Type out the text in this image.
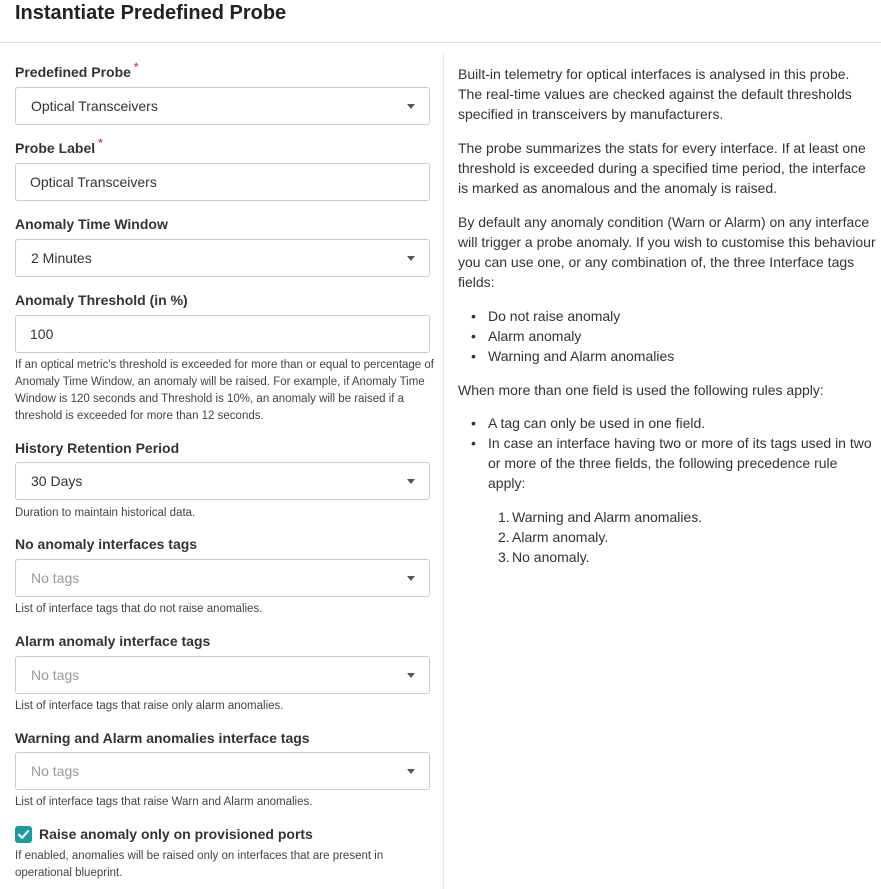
Instantiate Predefined Probe
Predefined Probe *
Optical Transceivers
Probe Label *
Optical Transceivers
Anomaly Time Window
2 Minutes
Anomaly Threshold (in %)
100
If an optical metric's threshold is exceeded for more than or equal to percentage of Anomaly Time Window, an anomaly will be raised. For example, if Anomaly Time Window is 120 seconds and Threshold is 10%, an anomaly will be raised if a threshold is exceeded for more than 12 seconds.
History Retention Period
30 Days
Duration to maintain historical data.
No anomaly interfaces tags
No tags
List of interface tags that do not raise anomalies.
Alarm anomaly interface tags
No tags
List of interface tags that raise only alarm anomalies.
Warning and Alarm anomalies interface tags
No tags
List of interface tags that raise Warn and Alarm anomalies.
Raise anomaly only on provisioned ports
If enabled, anomalies will be raised only on interfaces that are present in operational blueprint.
Built-in telemetry for optical interfaces is analysed in this probe. The real-time values are checked against the default thresholds specified in transceivers by manufacturers.
The probe summarizes the stats for every interface. If at least one threshold is exceeded during a specified time period, the interface is marked as anomalous and the anomaly is raised.
By default any anomaly condition (Warn or Alarm) on any interface will trigger a probe anomaly. If you wish to customise this behaviour you can use one, or any combination of, the three Interface tags fields:
• Do not raise anomaly
• Alarm anomaly
• Warning and Alarm anomalies
When more than one field is used the following rules apply:
• A tag can only be used in one field.
• In case an interface having two or more of its tags used in two or more of the three fields, the following precedence rule apply:
1. Warning and Alarm anomalies.
2. Alarm anomaly.
3. No anomaly.
